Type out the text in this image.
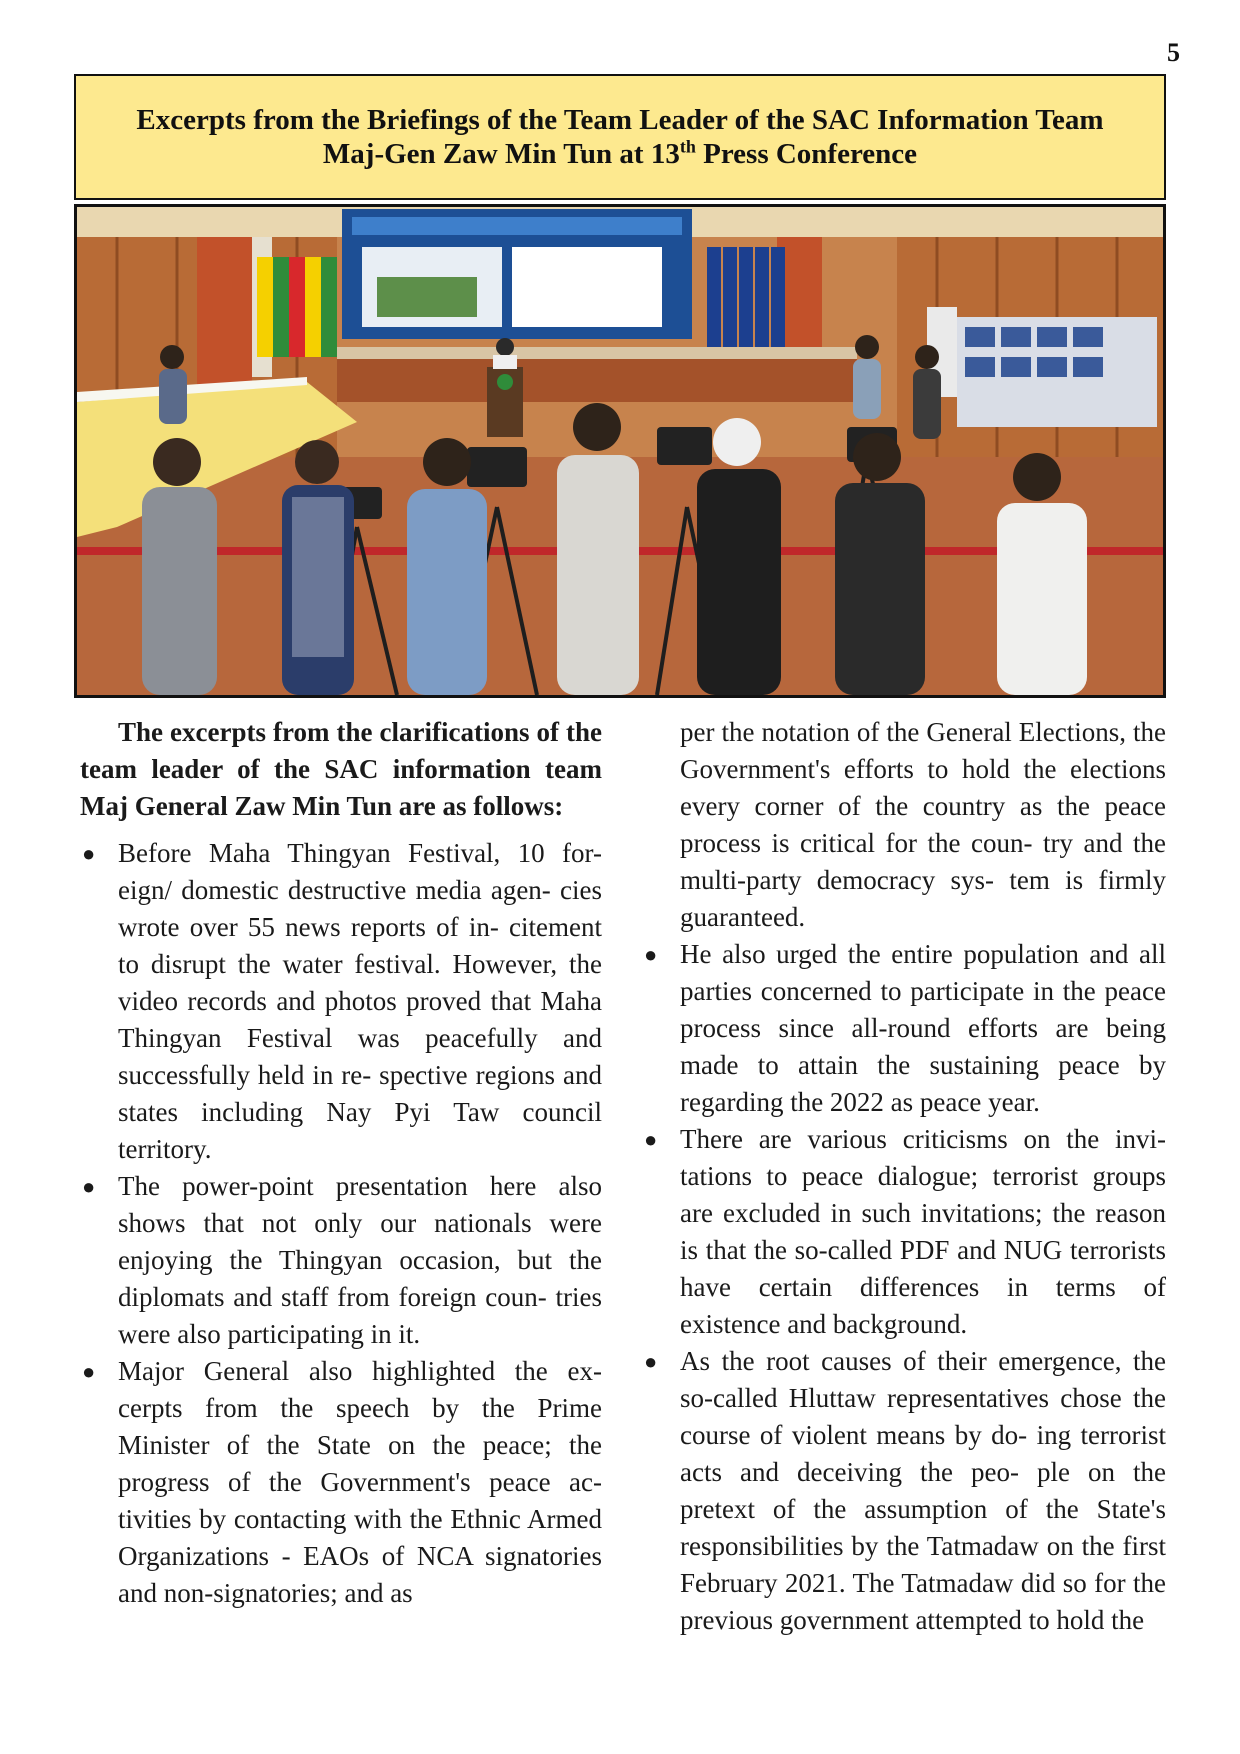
5
Excerpts from the Briefings of the Team Leader of the SAC Information Team
Maj-Gen Zaw Min Tun at 13th Press Conference

The excerpts from the clarifications of the team leader of the SAC information team Maj General Zaw Min Tun are as follows:

● Before Maha Thingyan Festival, 10 for- eign/ domestic destructive media agen- cies wrote over 55 news reports of in- citement to disrupt the water festival. However, the video records and photos proved that Maha Thingyan Festival was peacefully and successfully held in re- spective regions and states including Nay Pyi Taw council territory.
● The power-point presentation here also shows that not only our nationals were enjoying the Thingyan occasion, but the diplomats and staff from foreign coun- tries were also participating in it.
● Major General also highlighted the ex- cerpts from the speech by the Prime Minister of the State on the peace; the progress of the Government's peace ac- tivities by contacting with the Ethnic Armed Organizations - EAOs of NCA signatories and non-signatories; and as

per the notation of the General Elections, the Government's efforts to hold the elections every corner of the country as the peace process is critical for the coun- try and the multi-party democracy sys- tem is firmly guaranteed.

● He also urged the entire population and all parties concerned to participate in the peace process since all-round efforts are being made to attain the sustaining peace by regarding the 2022 as peace year.
● There are various criticisms on the invi- tations to peace dialogue; terrorist groups are excluded in such invitations; the reason is that the so-called PDF and NUG terrorists have certain differences in terms of existence and background.
● As the root causes of their emergence, the so-called Hluttaw representatives chose the course of violent means by do- ing terrorist acts and deceiving the peo- ple on the pretext of the assumption of the State's responsibilities by the Tatmadaw on the first February 2021. The Tatmadaw did so for the previous government attempted to hold the
